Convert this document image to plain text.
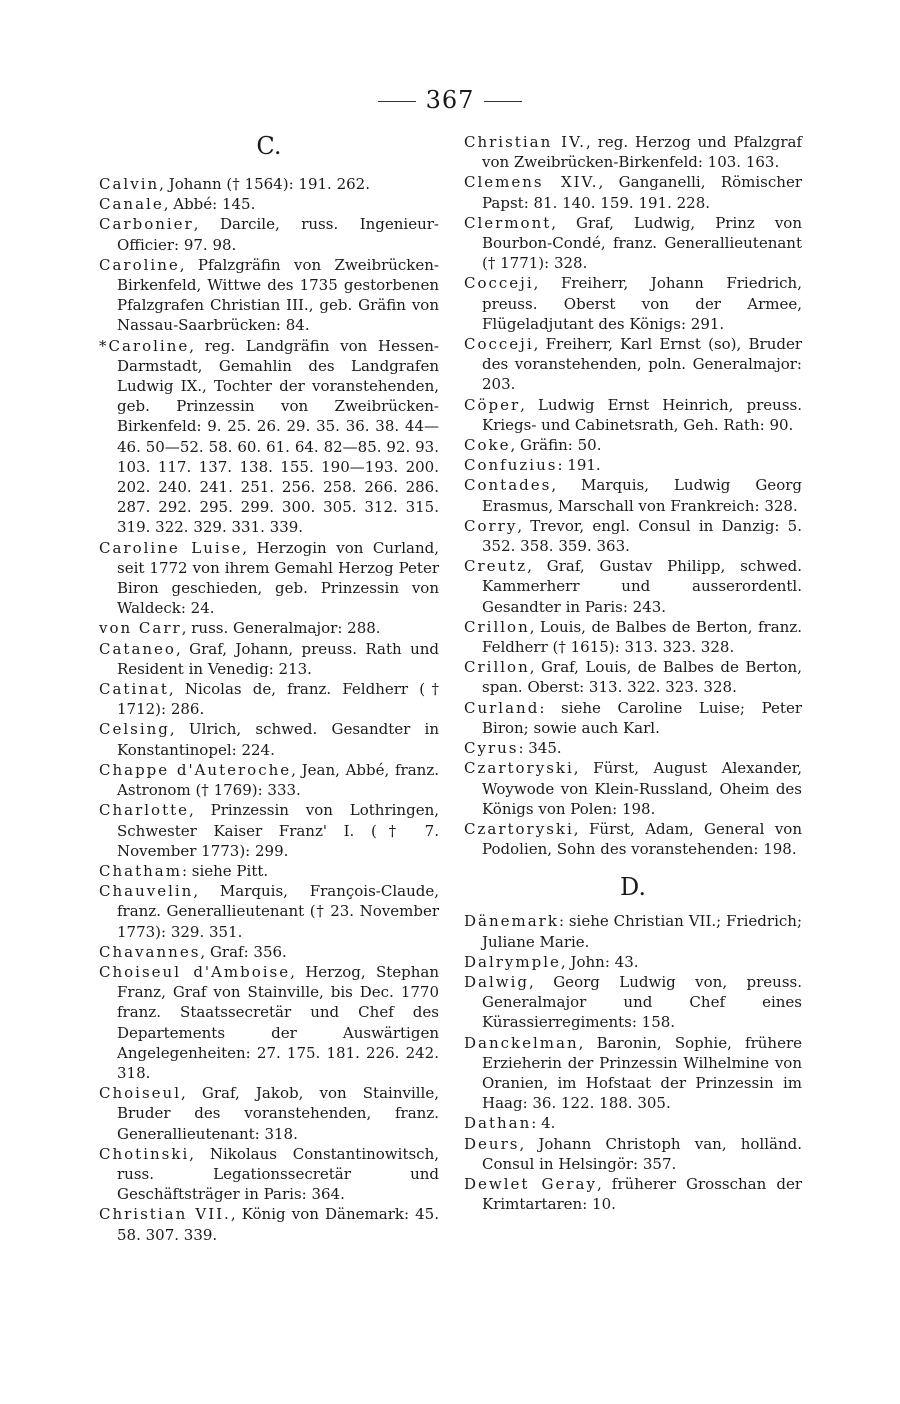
367
C.

Calvin, Johann († 1564): 191. 262.

Canale, Abbé: 145.

Carbonier, Darcile, russ. Ingenieur-Officier: 97. 98.

Caroline, Pfalzgräfin von Zweibrücken-Birkenfeld, Wittwe des 1735 gestorbenen Pfalzgrafen Christian III., geb. Gräfin von Nassau-Saarbrücken: 84.

*Caroline, reg. Landgräfin von Hessen-Darmstadt, Gemahlin des Landgrafen Ludwig IX., Tochter der voranstehenden, geb. Prinzessin von Zweibrücken-Birkenfeld: 9. 25. 26. 29. 35. 36. 38. 44—46. 50—52. 58. 60. 61. 64. 82—85. 92. 93. 103. 117. 137. 138. 155. 190—193. 200. 202. 240. 241. 251. 256. 258. 266. 286. 287. 292. 295. 299. 300. 305. 312. 315. 319. 322. 329. 331. 339.

Caroline Luise, Herzogin von Curland, seit 1772 von ihrem Gemahl Herzog Peter Biron geschieden, geb. Prinzessin von Waldeck: 24.

von Carr, russ. Generalmajor: 288.

Cataneo, Graf, Johann, preuss. Rath und Resident in Venedig: 213.

Catinat, Nicolas de, franz. Feldherr († 1712): 286.

Celsing, Ulrich, schwed. Gesandter in Konstantinopel: 224.

Chappe d'Auteroche, Jean, Abbé, franz. Astronom († 1769): 333.

Charlotte, Prinzessin von Lothringen, Schwester Kaiser Franz' I. († 7. November 1773): 299.

Chatham: siehe Pitt.

Chauvelin, Marquis, François-Claude, franz. Generallieutenant († 23. November 1773): 329. 351.

Chavannes, Graf: 356.

Choiseul d'Amboise, Herzog, Stephan Franz, Graf von Stainville, bis Dec. 1770 franz. Staatssecretär und Chef des Departements der Auswärtigen Angelegenheiten: 27. 175. 181. 226. 242. 318.

Choiseul, Graf, Jakob, von Stainville, Bruder des voranstehenden, franz. Generallieutenant: 318.

Chotinski, Nikolaus Constantinowitsch, russ. Legationssecretär und Geschäftsträger in Paris: 364.

Christian VII., König von Dänemark: 45. 58. 307. 339.

Christian IV., reg. Herzog und Pfalzgraf von Zweibrücken-Birkenfeld: 103. 163.

Clemens XIV., Ganganelli, Römischer Papst: 81. 140. 159. 191. 228.

Clermont, Graf, Ludwig, Prinz von Bourbon-Condé, franz. Generallieutenant († 1771): 328.

Cocceji, Freiherr, Johann Friedrich, preuss. Oberst von der Armee, Flügeladjutant des Königs: 291.

Cocceji, Freiherr, Karl Ernst (so), Bruder des voranstehenden, poln. Generalmajor: 203.

Cöper, Ludwig Ernst Heinrich, preuss. Kriegs- und Cabinetsrath, Geh. Rath: 90.

Coke, Gräfin: 50.

Confuzius: 191.

Contades, Marquis, Ludwig Georg Erasmus, Marschall von Frankreich: 328.

Corry, Trevor, engl. Consul in Danzig: 5. 352. 358. 359. 363.

Creutz, Graf, Gustav Philipp, schwed. Kammerherr und ausserordentl. Gesandter in Paris: 243.

Crillon, Louis, de Balbes de Berton, franz. Feldherr († 1615): 313. 323. 328.

Crillon, Graf, Louis, de Balbes de Berton, span. Oberst: 313. 322. 323. 328.

Curland: siehe Caroline Luise; Peter Biron; sowie auch Karl.

Cyrus: 345.

Czartoryski, Fürst, August Alexander, Woywode von Klein-Russland, Oheim des Königs von Polen: 198.

Czartoryski, Fürst, Adam, General von Podolien, Sohn des voranstehenden: 198.

D.

Dänemark: siehe Christian VII.; Friedrich; Juliane Marie.

Dalrymple, John: 43.

Dalwig, Georg Ludwig von, preuss. Generalmajor und Chef eines Kürassierregiments: 158.

Danckelman, Baronin, Sophie, frühere Erzieherin der Prinzessin Wilhelmine von Oranien, im Hofstaat der Prinzessin im Haag: 36. 122. 188. 305.

Dathan: 4.

Deurs, Johann Christoph van, holländ. Consul in Helsingör: 357.

Dewlet Geray, früherer Grosschan der Krimtartaren: 10.
